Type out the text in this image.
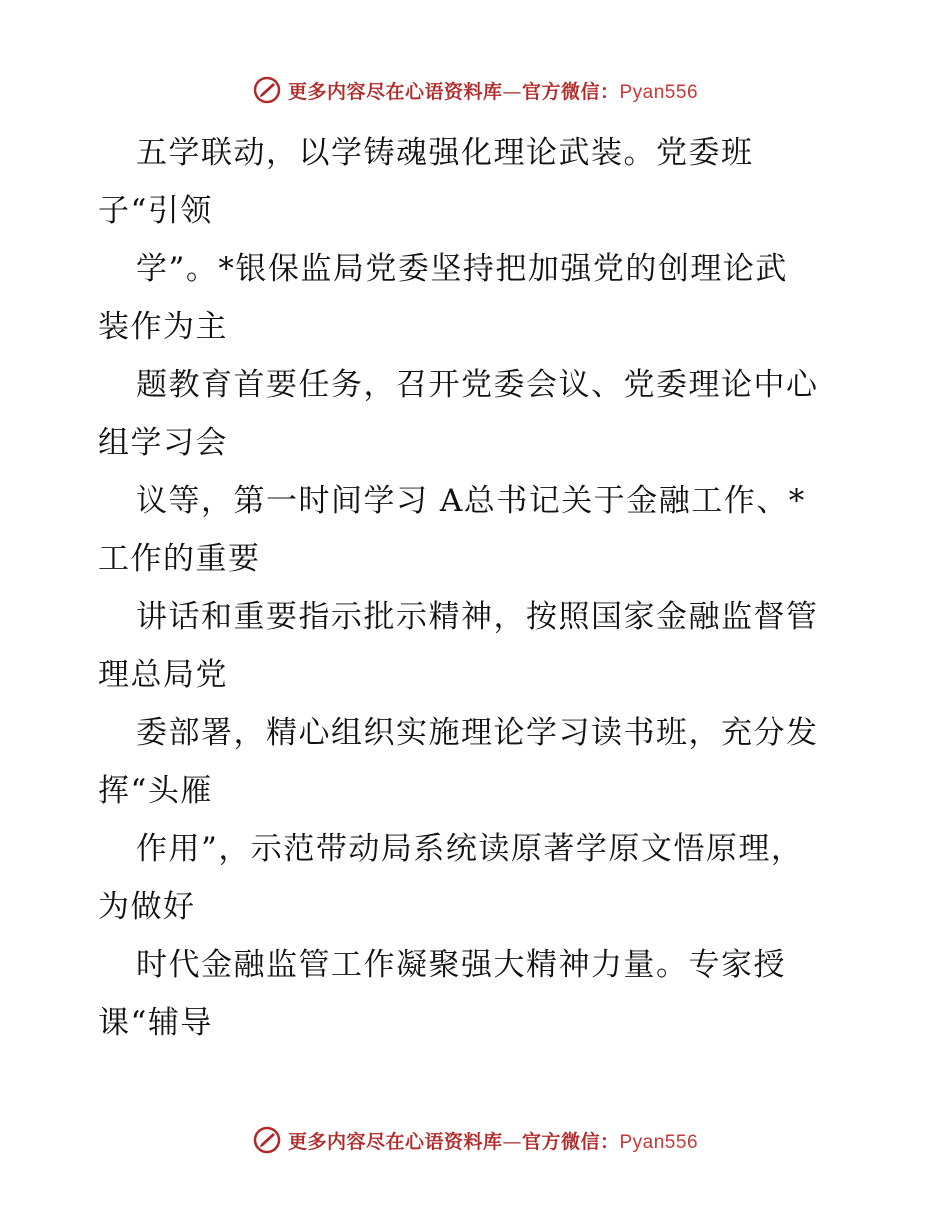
更多内容尽在心语资料库—官方微信：Pyan556
五学联动，以学铸魂强化理论武装。党委班
子“引领
学”。*银保监局党委坚持把加强党的创理论武
装作为主
题教育首要任务，召开党委会议、党委理论中心
组学习会
议等，第一时间学习 A总书记关于金融工作、*
工作的重要
讲话和重要指示批示精神，按照国家金融监督管
理总局党
委部署，精心组织实施理论学习读书班，充分发
挥“头雁
作用”，示范带动局系统读原著学原文悟原理，
为做好
时代金融监管工作凝聚强大精神力量。专家授
课“辅导
更多内容尽在心语资料库—官方微信：Pyan556
